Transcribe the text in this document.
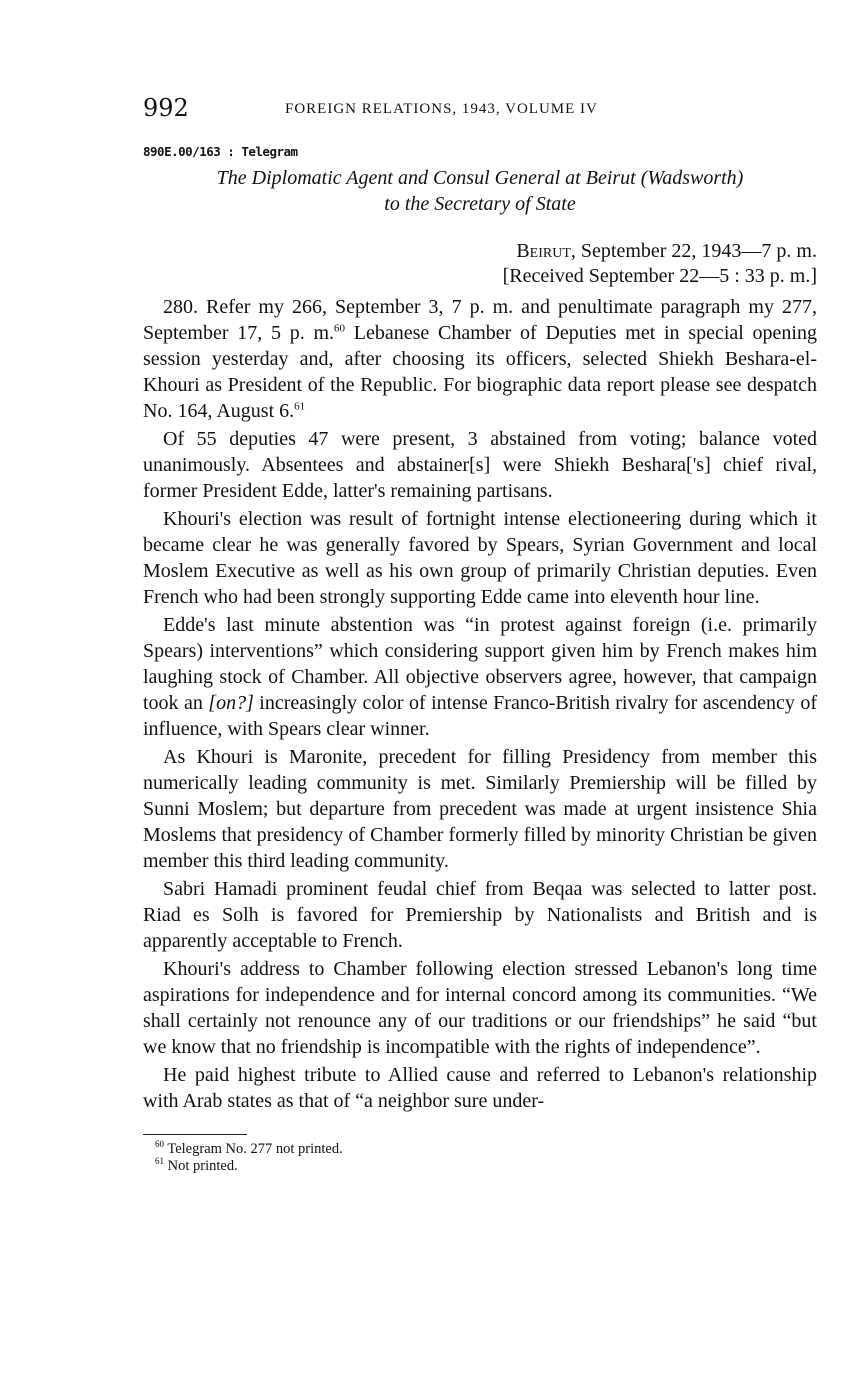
992	FOREIGN RELATIONS, 1943, VOLUME IV
890E.00/163 : Telegram
The Diplomatic Agent and Consul General at Beirut (Wadsworth)
to the Secretary of State
Beirut, September 22, 1943—7 p. m.
[Received September 22—5 : 33 p. m.]

280. Refer my 266, September 3, 7 p. m. and penultimate paragraph my 277, September 17, 5 p. m.$^{60}$ Lebanese Chamber of Deputies met in special opening session yesterday and, after choosing its officers, selected Shiekh Beshara-el-Khouri as President of the Republic. For biographic data report please see despatch No. 164, August 6.61

Of 55 deputies 47 were present, 3 abstained from voting; balance voted unanimously. Absentees and abstainer[s] were Shiekh Beshara['s] chief rival, former President Edde, latter's remaining partisans.

Khouri's election was result of fortnight intense electioneering during which it became clear he was generally favored by Spears, Syrian Government and local Moslem Executive as well as his own group of primarily Christian deputies. Even French who had been strongly supporting Edde came into eleventh hour line.

Edde's last minute abstention was “in protest against foreign (i.e. primarily Spears) interventions” which considering support given him by French makes him laughing stock of Chamber. All objective observers agree, however, that campaign took an [on?] increasingly color of intense Franco-British rivalry for ascendency of influence, with Spears clear winner.

As Khouri is Maronite, precedent for filling Presidency from member this numerically leading community is met. Similarly Premiership will be filled by Sunni Moslem; but departure from precedent was made at urgent insistence Shia Moslems that presidency of Chamber formerly filled by minority Christian be given member this third leading community.

Sabri Hamadi prominent feudal chief from Beqaa was selected to latter post. Riad es Solh is favored for Premiership by Nationalists and British and is apparently acceptable to French.

Khouri's address to Chamber following election stressed Lebanon's long time aspirations for independence and for internal concord among its communities. “We shall certainly not renounce any of our traditions or our friendships” he said “but we know that no friendship is incompatible with the rights of independence”.

He paid highest tribute to Allied cause and referred to Lebanon's relationship with Arab states as that of “a neighbor sure under-

$^{60}$ Telegram No. 277 not printed.
$^{61}$ Not printed.
